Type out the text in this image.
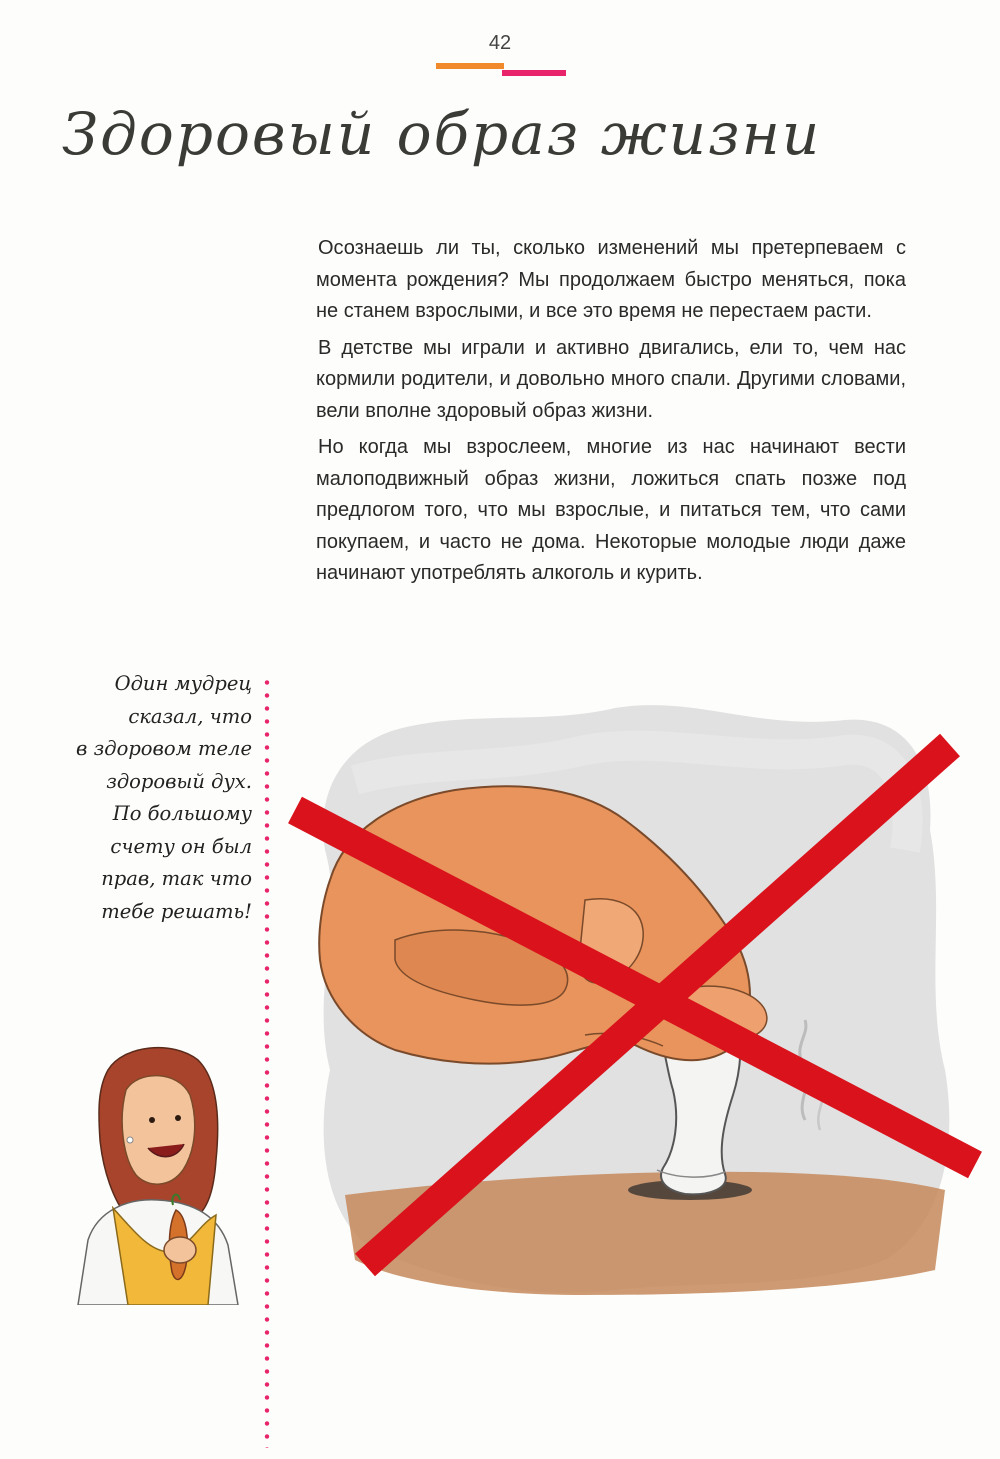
42
Здоровый образ жизни

Осознаешь ли ты, сколько изменений мы претерпеваем с момента рождения? Мы продолжаем быстро меняться, пока не станем взрослыми, и все это время не перестаем расти.

В детстве мы играли и активно двигались, ели то, чем нас кормили родители, и довольно много спали. Другими словами, вели вполне здоровый образ жизни.

Но когда мы взрослеем, многие из нас начинают вести малоподвижный образ жизни, ложиться спать позже под предлогом того, что мы взрослые, и питаться тем, что сами покупаем, и часто не дома. Некоторые молодые люди даже начинают употреблять алкоголь и курить.

Один мудрец
сказал, что
в здоровом теле
здоровый дух.
По большому
счету он был
прав, так что
тебе решать!
